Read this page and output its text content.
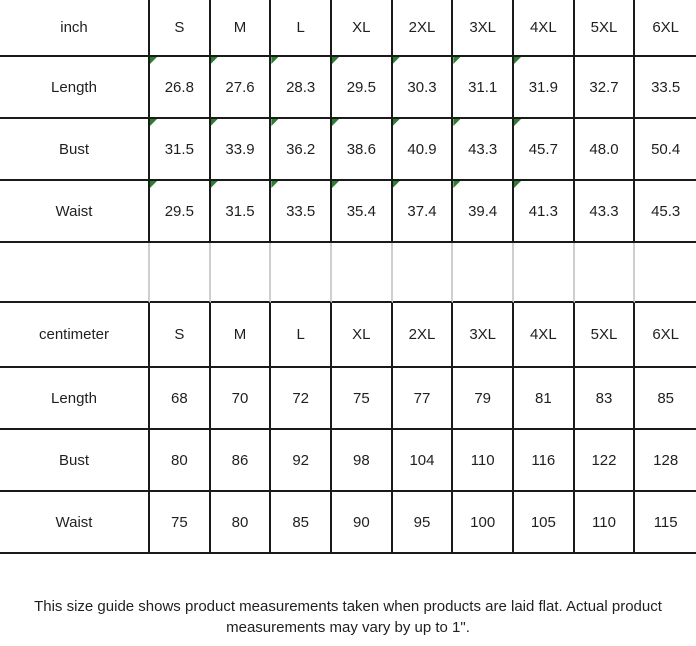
inch	S	M	L	XL	2XL	3XL	4XL	5XL	6XL
Length	26.8	27.6	28.3	29.5	30.3	31.1	31.9	32.7	33.5
Bust	31.5	33.9	36.2	38.6	40.9	43.3	45.7	48.0	50.4
Waist	29.5	31.5	33.5	35.4	37.4	39.4	41.3	43.3	45.3
centimeter	S	M	L	XL	2XL	3XL	4XL	5XL	6XL
Length	68	70	72	75	77	79	81	83	85
Bust	80	86	92	98	104	110	116	122	128
Waist	75	80	85	90	95	100	105	110	115
This size guide shows product measurements taken when products are laid flat. Actual product measurements may vary by up to 1".
